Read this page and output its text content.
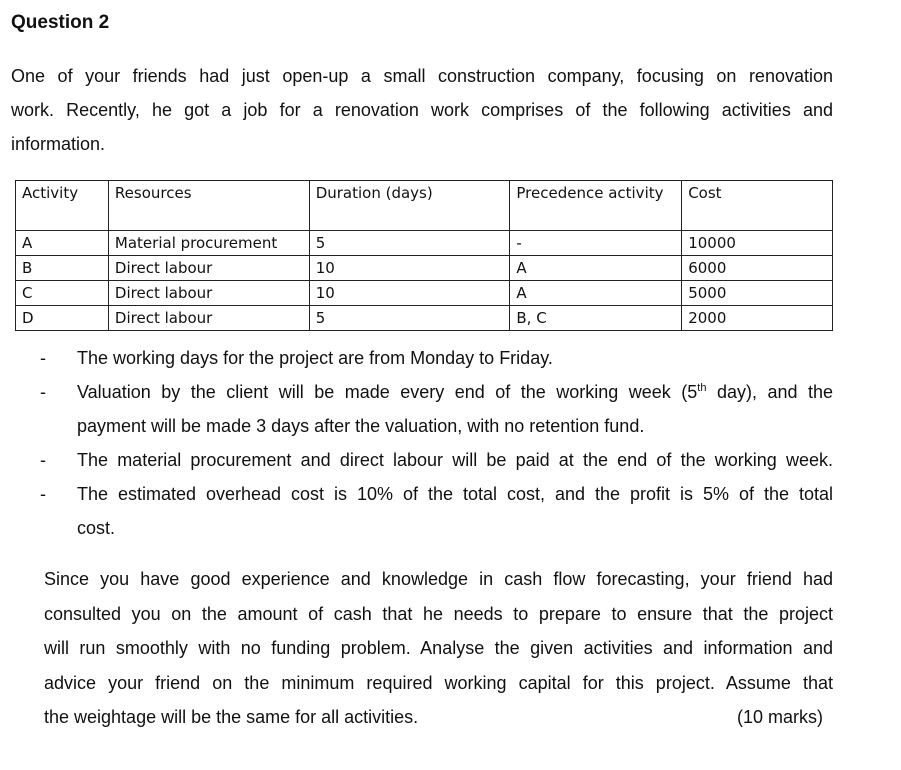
Question 2

One of your friends had just open-up a small construction company, focusing on renovation
work. Recently, he got a job for a renovation work comprises of the following activities and
information.

Activity	Resources	Duration (days)	Precedence activity	Cost
A	Material procurement	5	-	10000
B	Direct labour	10	A	6000
C	Direct labour	10	A	5000
D	Direct labour	5	B, C	2000
- The working days for the project are from Monday to Friday.
- Valuation by the client will be made every end of the working week (5th day), and the
payment will be made 3 days after the valuation, with no retention fund.
- The material procurement and direct labour will be paid at the end of the working week.
- The estimated overhead cost is 10% of the total cost, and the profit is 5% of the total
cost.

Since you have good experience and knowledge in cash flow forecasting, your friend had
consulted you on the amount of cash that he needs to prepare to ensure that the project
will run smoothly with no funding problem. Analyse the given activities and information and
advice your friend on the minimum required working capital for this project. Assume that
the weightage will be the same for all activities.	(10 marks)
